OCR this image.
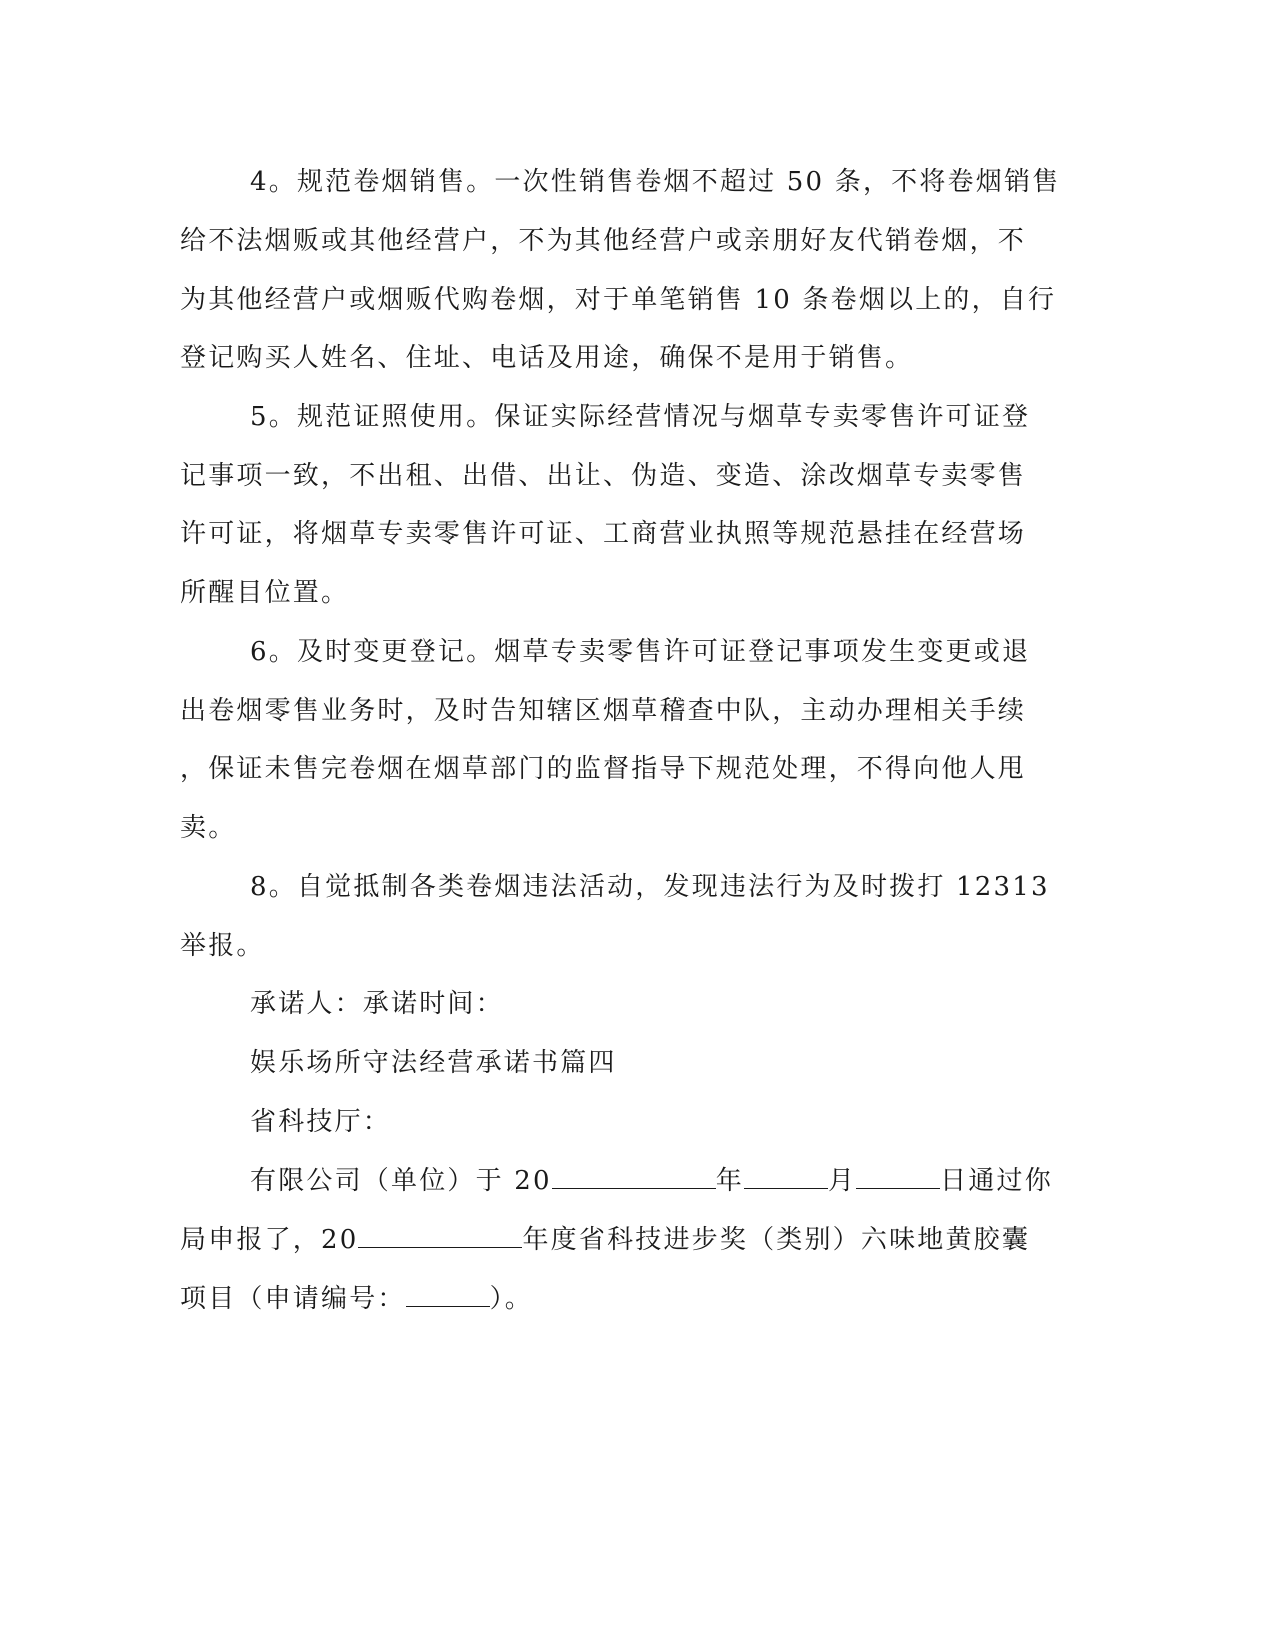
4。规范卷烟销售。一次性销售卷烟不超过 50 条，不将卷烟销售
给不法烟贩或其他经营户，不为其他经营户或亲朋好友代销卷烟，不
为其他经营户或烟贩代购卷烟，对于单笔销售 10 条卷烟以上的，自行
登记购买人姓名、住址、电话及用途，确保不是用于销售。
5。规范证照使用。保证实际经营情况与烟草专卖零售许可证登
记事项一致，不出租、出借、出让、伪造、变造、涂改烟草专卖零售
许可证，将烟草专卖零售许可证、工商营业执照等规范悬挂在经营场
所醒目位置。
6。及时变更登记。烟草专卖零售许可证登记事项发生变更或退
出卷烟零售业务时，及时告知辖区烟草稽查中队，主动办理相关手续
，保证未售完卷烟在烟草部门的监督指导下规范处理，不得向他人甩
卖。
8。自觉抵制各类卷烟违法活动，发现违法行为及时拨打 12313
举报。
承诺人：承诺时间：
娱乐场所守法经营承诺书篇四
省科技厅：
有限公司（单位）于 20	年	月	日通过你
局申报了，20	年度省科技进步奖（类别）六味地黄胶囊
项目（申请编号：	）。
